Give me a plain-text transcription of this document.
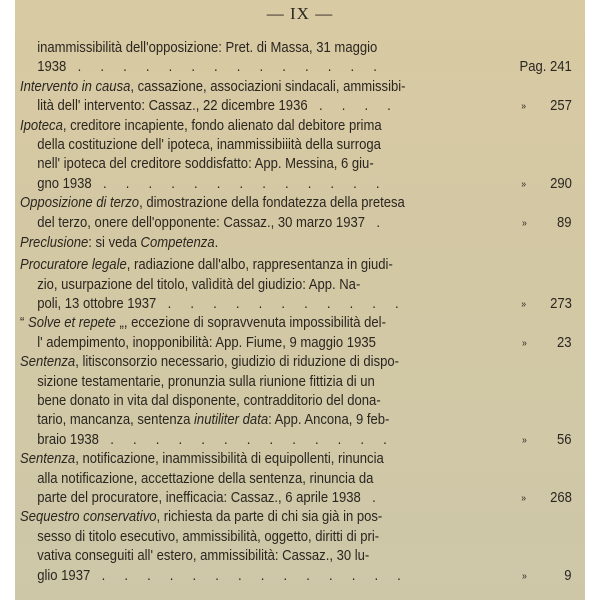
— IX —
inammissibilità dell'opposizione: Pret. di Massa, 31 maggio
1938 . . . . . . . . . . . . . .	Pag. 241
Intervento in causa, cassazione, associazioni sindacali, ammissibi-
lità dell' intervento: Cassaz., 22 dicembre 1936 . . . .	» 257
Ipoteca, creditore incapiente, fondo alienato dal debitore prima
della costituzione dell' ipoteca, inammissibiiità della surroga
nell' ipoteca del creditore soddisfatto: App. Messina, 6 giu-
gno 1938 . . . . . . . . . . . . .	» 290
Opposizione di terzo, dimostrazione della fondatezza della pretesa
del terzo, onere dell'opponente: Cassaz., 30 marzo 1937 .	» 89
Preclusione: si veda Competenza.
Procuratore legale, radiazione dall'albo, rappresentanza in giudi-
zio, usurpazione del titolo, valìdità del giudizio: App. Na-
poli, 13 ottobre 1937 . . . . . . . . . . .	» 273
“ Solve et repete „, eccezione di sopravvenuta impossibilità del-
l' adempimento, inopponibilità: App. Fiume, 9 maggio 1935	» 23
Sentenza, litisconsorzio necessario, giudizio di riduzione di dispo-
sizione testamentarie, pronunzia sulla riunione fittizia di un
bene donato in vita dal disponente, contradditorio del dona-
tario, mancanza, sentenza inutiliter data: App. Ancona, 9 feb-
braio 1938 . . . . . . . . . . . . .	» 56
Sentenza, notificazione, inammissibilità di equipollenti, rinuncia
alla notificazione, accettazione della sentenza, rinuncia da
parte del procuratore, inefficacia: Cassaz., 6 aprile 1938 .	» 268
Sequestro conservativo, richiesta da parte di chi sia già in pos-
sesso di titolo esecutivo, ammissibilità, oggetto, diritti di pri-
vativa conseguiti all' estero, ammissibilità: Cassaz., 30 lu-
glio 1937 . . . . . . . . . . . . . .	» 9
